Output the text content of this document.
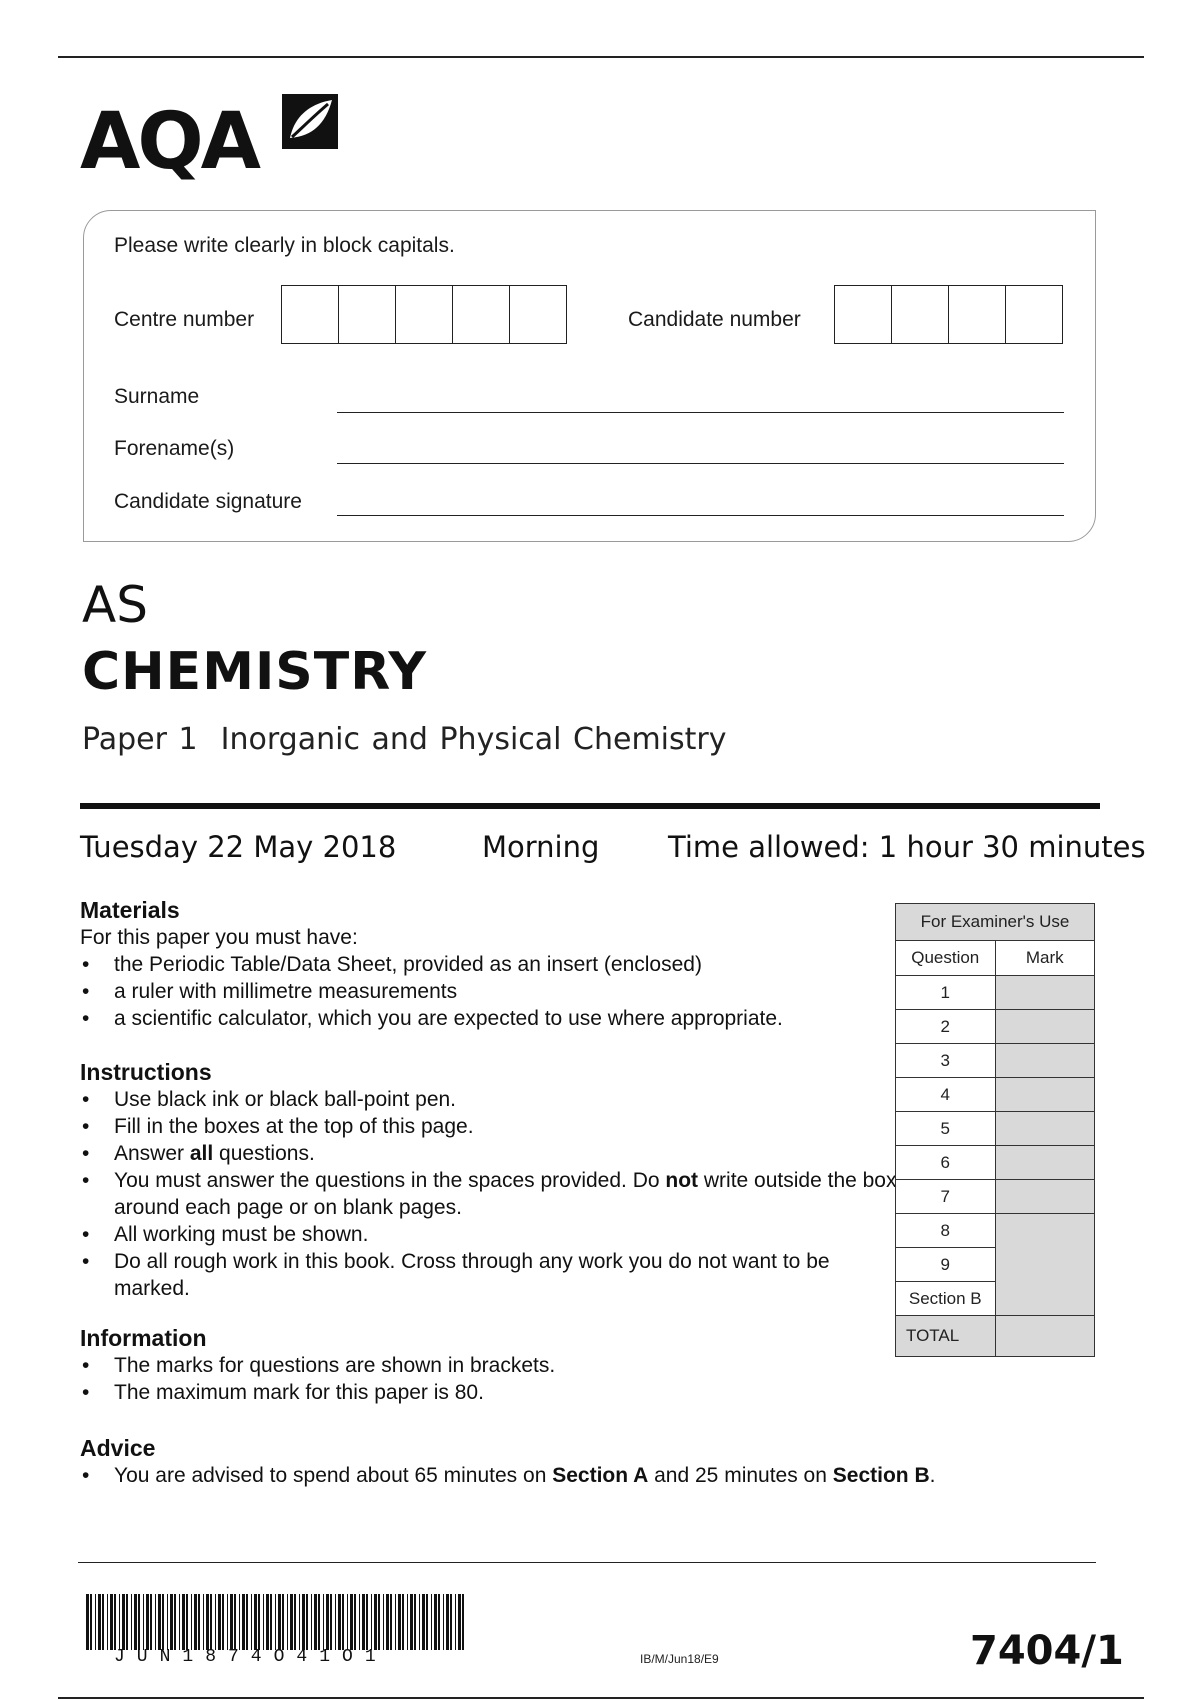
AQA
Please write clearly in block capitals.
Centre number	Candidate number
Surname
Forename(s)
Candidate signature
AS
CHEMISTRY
Paper 1  Inorganic and Physical Chemistry
Tuesday 22 May 2018	Morning Time allowed: 1 hour 30 minutes
Materials
For this paper you must have:
• the Periodic Table/Data Sheet, provided as an insert (enclosed)
• a ruler with millimetre measurements
• a scientific calculator, which you are expected to use where appropriate.
Instructions
• Use black ink or black ball-point pen.
• Fill in the boxes at the top of this page.
• Answer all questions.
• You must answer the questions in the spaces provided. Do not write outside the box around each page or on blank pages.
• All working must be shown.
• Do all rough work in this book. Cross through any work you do not want to be marked.
Information
• The marks for questions are shown in brackets.
• The maximum mark for this paper is 80.
Advice
• You are advised to spend about 65 minutes on Section A and 25 minutes on Section B.
For Examiner's Use	
Question	Mark
1	
2	
3	
4	
5	
6	
7	
8	
9	
Section B	
TOTAL	
JUN1874O41O1	IB/M/Jun18/E9	7404/1
